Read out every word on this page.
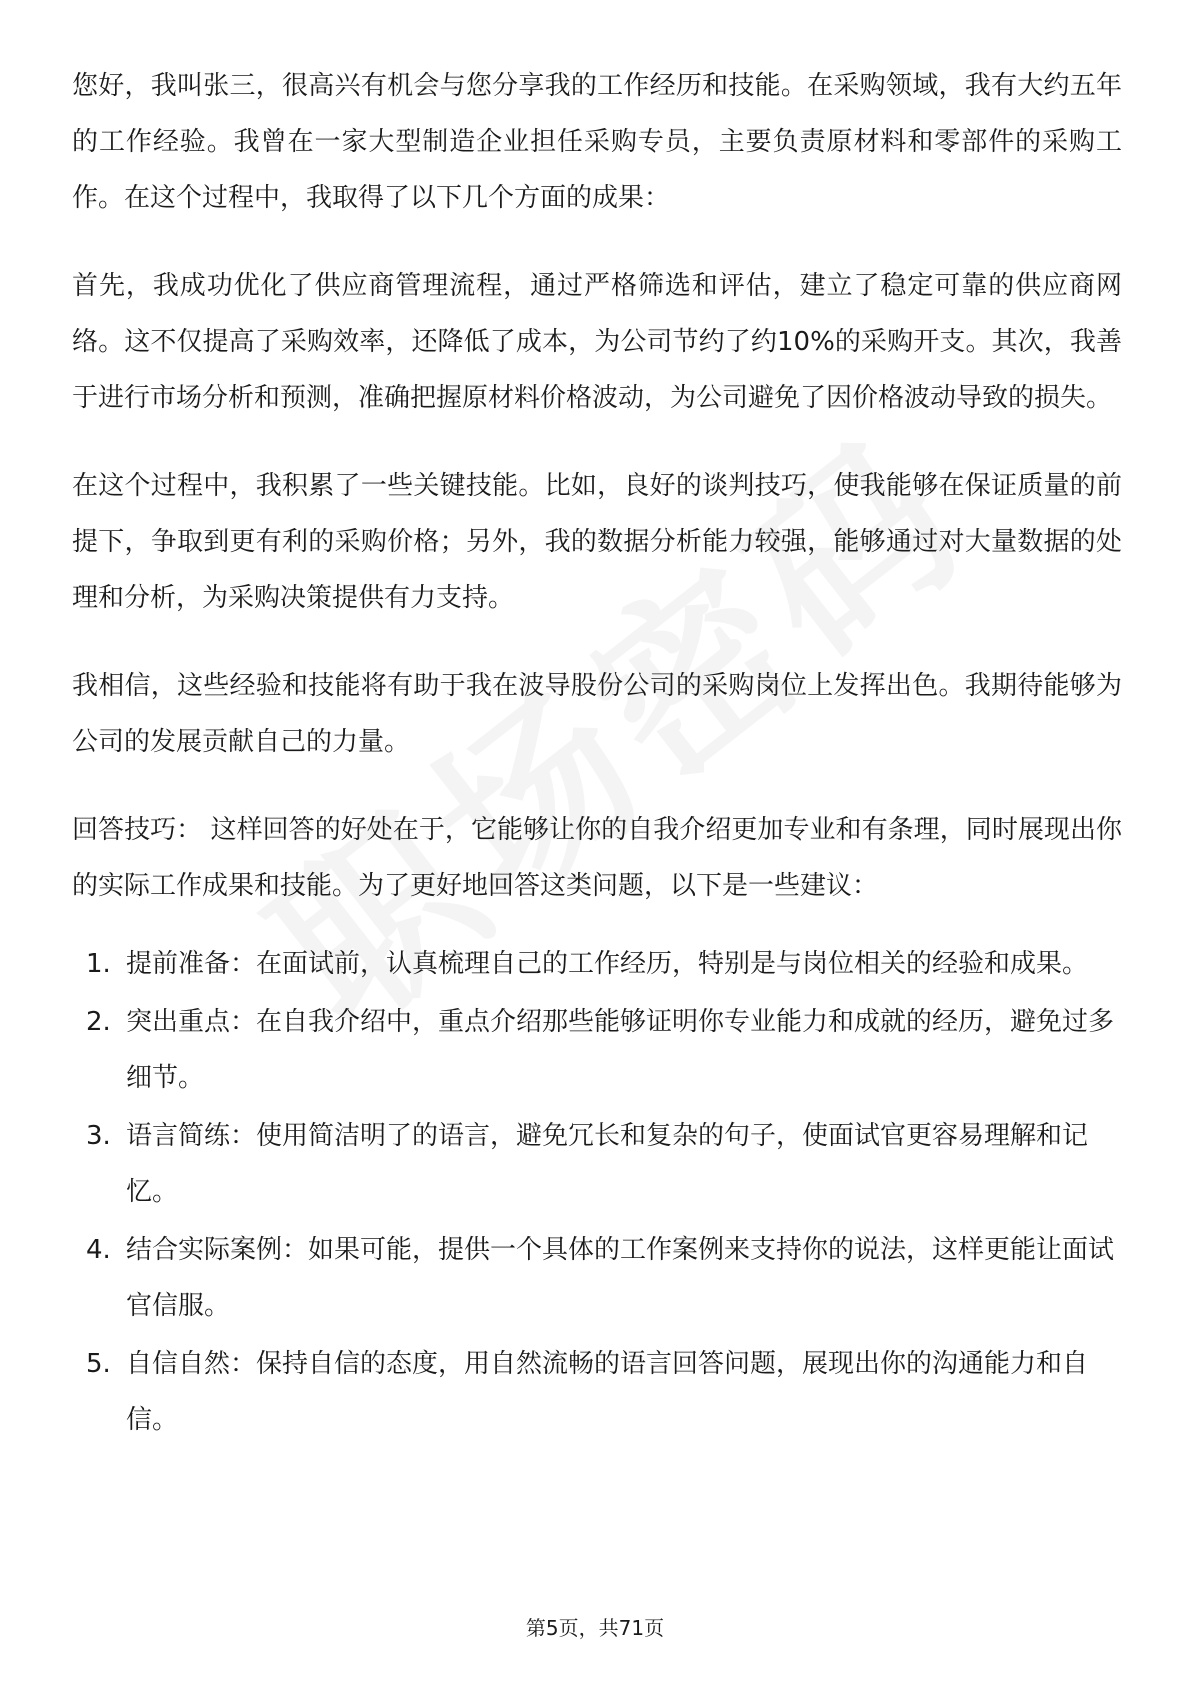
您好，我叫张三，很高兴有机会与您分享我的工作经历和技能。在采购领域，我有大约五年的工作经验。我曾在一家大型制造企业担任采购专员，主要负责原材料和零部件的采购工作。在这个过程中，我取得了以下几个方面的成果：

首先，我成功优化了供应商管理流程，通过严格筛选和评估，建立了稳定可靠的供应商网络。这不仅提高了采购效率，还降低了成本，为公司节约了约10%的采购开支。其次，我善于进行市场分析和预测，准确把握原材料价格波动，为公司避免了因价格波动导致的损失。

在这个过程中，我积累了一些关键技能。比如，良好的谈判技巧，使我能够在保证质量的前提下，争取到更有利的采购价格；另外，我的数据分析能力较强，能够通过对大量数据的处理和分析，为采购决策提供有力支持。

我相信，这些经验和技能将有助于我在波导股份公司的采购岗位上发挥出色。我期待能够为公司的发展贡献自己的力量。

回答技巧： 这样回答的好处在于，它能够让你的自我介绍更加专业和有条理，同时展现出你的实际工作成果和技能。为了更好地回答这类问题，以下是一些建议：

1. 提前准备：在面试前，认真梳理自己的工作经历，特别是与岗位相关的经验和成果。
2. 突出重点：在自我介绍中，重点介绍那些能够证明你专业能力和成就的经历，避免过多细节。
3. 语言简练：使用简洁明了的语言，避免冗长和复杂的句子，使面试官更容易理解和记忆。
4. 结合实际案例：如果可能，提供一个具体的工作案例来支持你的说法，这样更能让面试官信服。
5. 自信自然：保持自信的态度，用自然流畅的语言回答问题，展现出你的沟通能力和自信。
第5页，共71页
